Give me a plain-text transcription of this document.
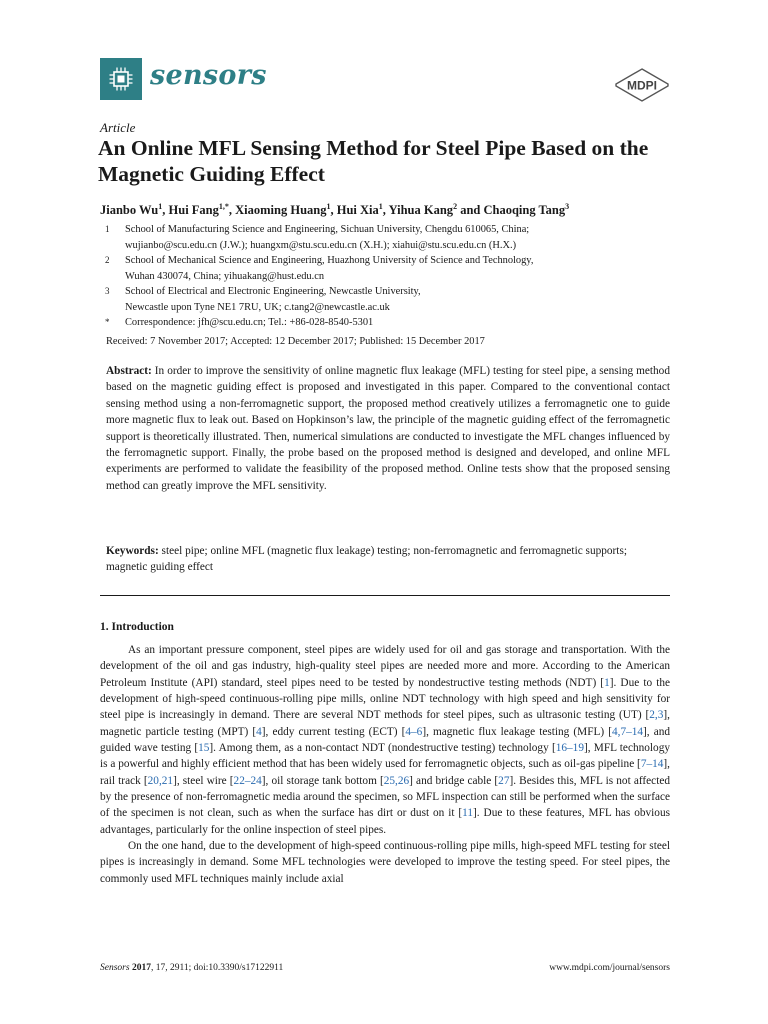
sensors	MDPI
Article
An Online MFL Sensing Method for Steel Pipe Based on the Magnetic Guiding Effect
Jianbo Wu$^1$, Hui Fang$^{1,*}$, Xiaoming Huang$^1$, Hui Xia$^1$, Yihua Kang$^2$ and Chaoqing Tang$^3$
1	School of Manufacturing Science and Engineering, Sichuan University, Chengdu 610065, China;
wujianbo@scu.edu.cn (J.W.); huangxm@stu.scu.edu.cn (X.H.); xiahui@stu.scu.edu.cn (H.X.)
2	School of Mechanical Science and Engineering, Huazhong University of Science and Technology,
Wuhan 430074, China; yihuakang@hust.edu.cn
3	School of Electrical and Electronic Engineering, Newcastle University,
Newcastle upon Tyne NE1 7RU, UK; c.tang2@newcastle.ac.uk
*	Correspondence: jfh@scu.edu.cn; Tel.: +86-028-8540-5301
Received: 7 November 2017; Accepted: 12 December 2017; Published: 15 December 2017

Abstract: In order to improve the sensitivity of online magnetic flux leakage (MFL) testing for steel pipe, a sensing method based on the magnetic guiding effect is proposed and investigated in this paper. Compared to the conventional contact sensing method using a non-ferromagnetic support, the proposed method creatively utilizes a ferromagnetic one to guide more magnetic flux to leak out. Based on Hopkinson’s law, the principle of the magnetic guiding effect of the ferromagnetic support is theoretically illustrated. Then, numerical simulations are conducted to investigate the MFL changes influenced by the ferromagnetic support. Finally, the probe based on the proposed method is designed and developed, and online MFL experiments are performed to validate the feasibility of the proposed method. Online tests show that the proposed sensing method can greatly improve the MFL sensitivity.

Keywords: steel pipe; online MFL (magnetic flux leakage) testing; non-ferromagnetic and ferromagnetic supports; magnetic guiding effect

1. Introduction

As an important pressure component, steel pipes are widely used for oil and gas storage and transportation. With the development of the oil and gas industry, high-quality steel pipes are needed more and more. According to the American Petroleum Institute (API) standard, steel pipes need to be tested by nondestructive testing methods (NDT) [1]. Due to the development of high-speed continuous-rolling pipe mills, online NDT technology with high speed and high sensitivity for steel pipe is increasingly in demand. There are several NDT methods for steel pipes, such as ultrasonic testing (UT) [2,3], magnetic particle testing (MPT) [4], eddy current testing (ECT) [4–6], magnetic flux leakage testing (MFL) [4,7–14], and guided wave testing [15]. Among them, as a non-contact NDT (nondestructive testing) technology [16–19], MFL technology is a powerful and highly efficient method that has been widely used for ferromagnetic objects, such as oil-gas pipeline [7–14], rail track [20,21], steel wire [22–24], oil storage tank bottom [25,26] and bridge cable [27]. Besides this, MFL is not affected by the presence of non-ferromagnetic media around the specimen, so MFL inspection can still be performed when the surface of the specimen is not clean, such as when the surface has dirt or dust on it [11]. Due to these features, MFL has obvious advantages, particularly for the online inspection of steel pipes.

On the one hand, due to the development of high-speed continuous-rolling pipe mills, high-speed MFL testing for steel pipes is increasingly in demand. Some MFL technologies were developed to improve the testing speed. For steel pipes, the commonly used MFL techniques mainly include axial

Sensors 2017, 17, 2911; doi:10.3390/s17122911	www.mdpi.com/journal/sensors
